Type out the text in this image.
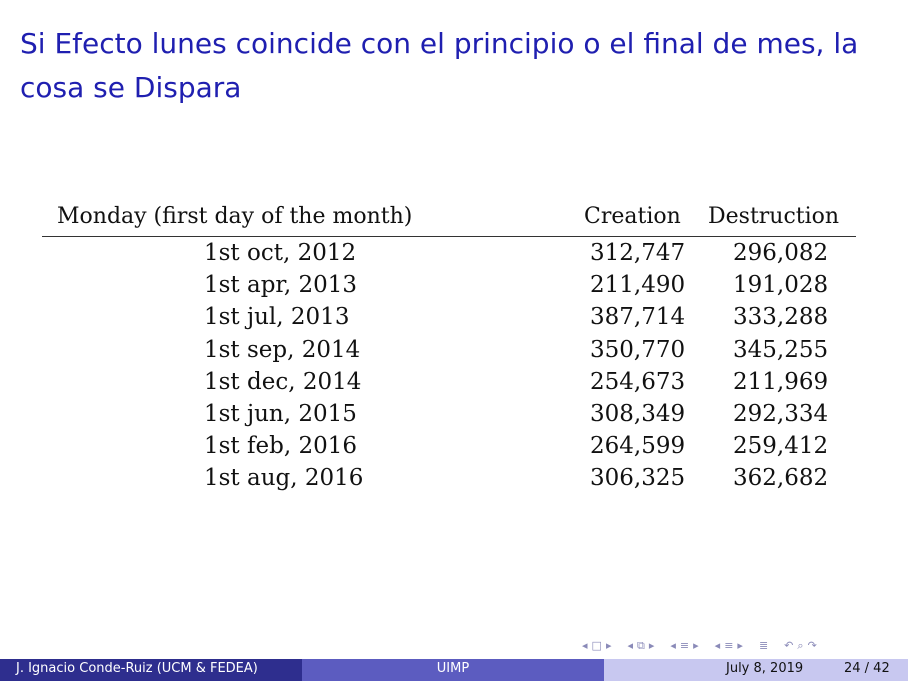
Si Efecto lunes coincide con el principio o el final de mes, la cosa se Dispara
Monday (first day of the month)	Creation Destruction
1st oct, 2012	312,747 296,082
1st apr, 2013	211,490 191,028
1st jul, 2013	387,714 333,288
1st sep, 2014	350,770 345,255
1st dec, 2014	254,673 211,969
1st jun, 2015	308,349 292,334
1st feb, 2016	264,599 259,412
1st aug, 2016	306,325 362,682
◂ □ ▸ ◂ ⧉ ▸ ◂ ≡ ▸ ◂ ≡ ▸ ≣ ↶ ⌕ ↷
J. Ignacio Conde-Ruiz (UCM & FEDEA)	UIMP	July 8, 2019	24 / 42
